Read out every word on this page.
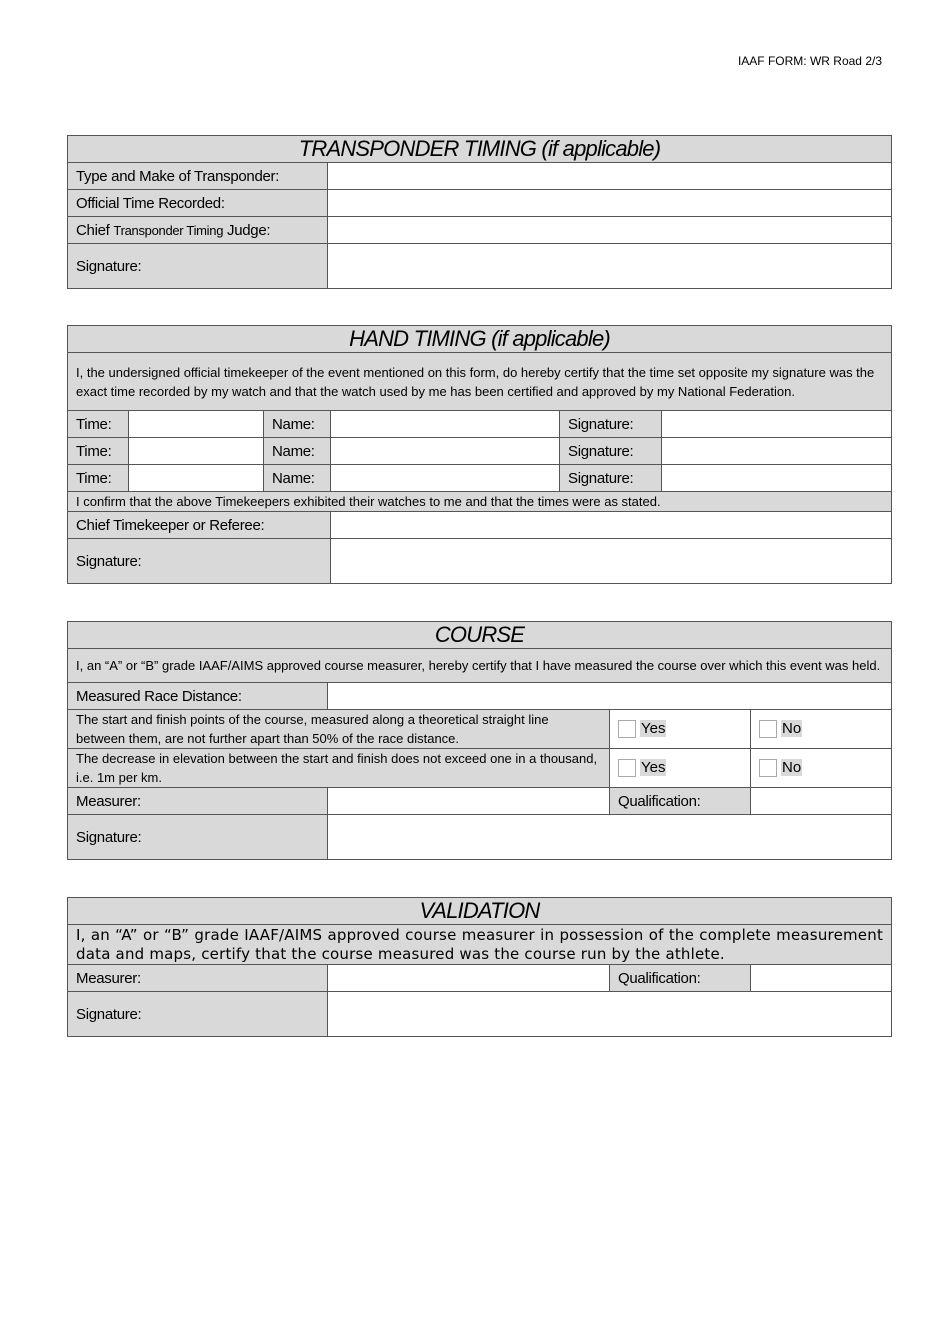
IAAF FORM: WR Road 2/3
TRANSPONDER TIMING (if applicable)	
Type and Make of Transponder:	
Official Time Recorded:	
Chief Transponder Timing Judge:	
Signature:	
HAND TIMING (if applicable)					
I, the undersigned official timekeeper of the event mentioned on this form, do hereby certify that the time set opposite my signature was the exact time recorded by my watch and that the watch used by me has been certified and approved by my National Federation.					
Time:		Name:		Signature:	
Time:		Name:		Signature:	
Time:		Name:		Signature:	
I confirm that the above Timekeepers exhibited their watches to me and that the times were as stated.					
Chief Timekeeper or Referee:					
Signature:					
COURSE			
I, an “A” or “B” grade IAAF/AIMS approved course measurer, hereby certify that I have measured the course over which this event was held.			
Measured Race Distance:			
The start and finish points of the course, measured along a theoretical straight line between them, are not further apart than 50% of the race distance.		Yes	No
The decrease in elevation between the start and finish does not exceed one in a thousand, i.e. 1m per km.		Yes	No
Measurer:		Qualification:	
Signature:			
VALIDATION			
I, an “A” or “B” grade IAAF/AIMS approved course measurer in possession of the complete measurement data and maps, certify that the course measured was the course run by the athlete.			
Measurer:		Qualification:	
Signature:			
